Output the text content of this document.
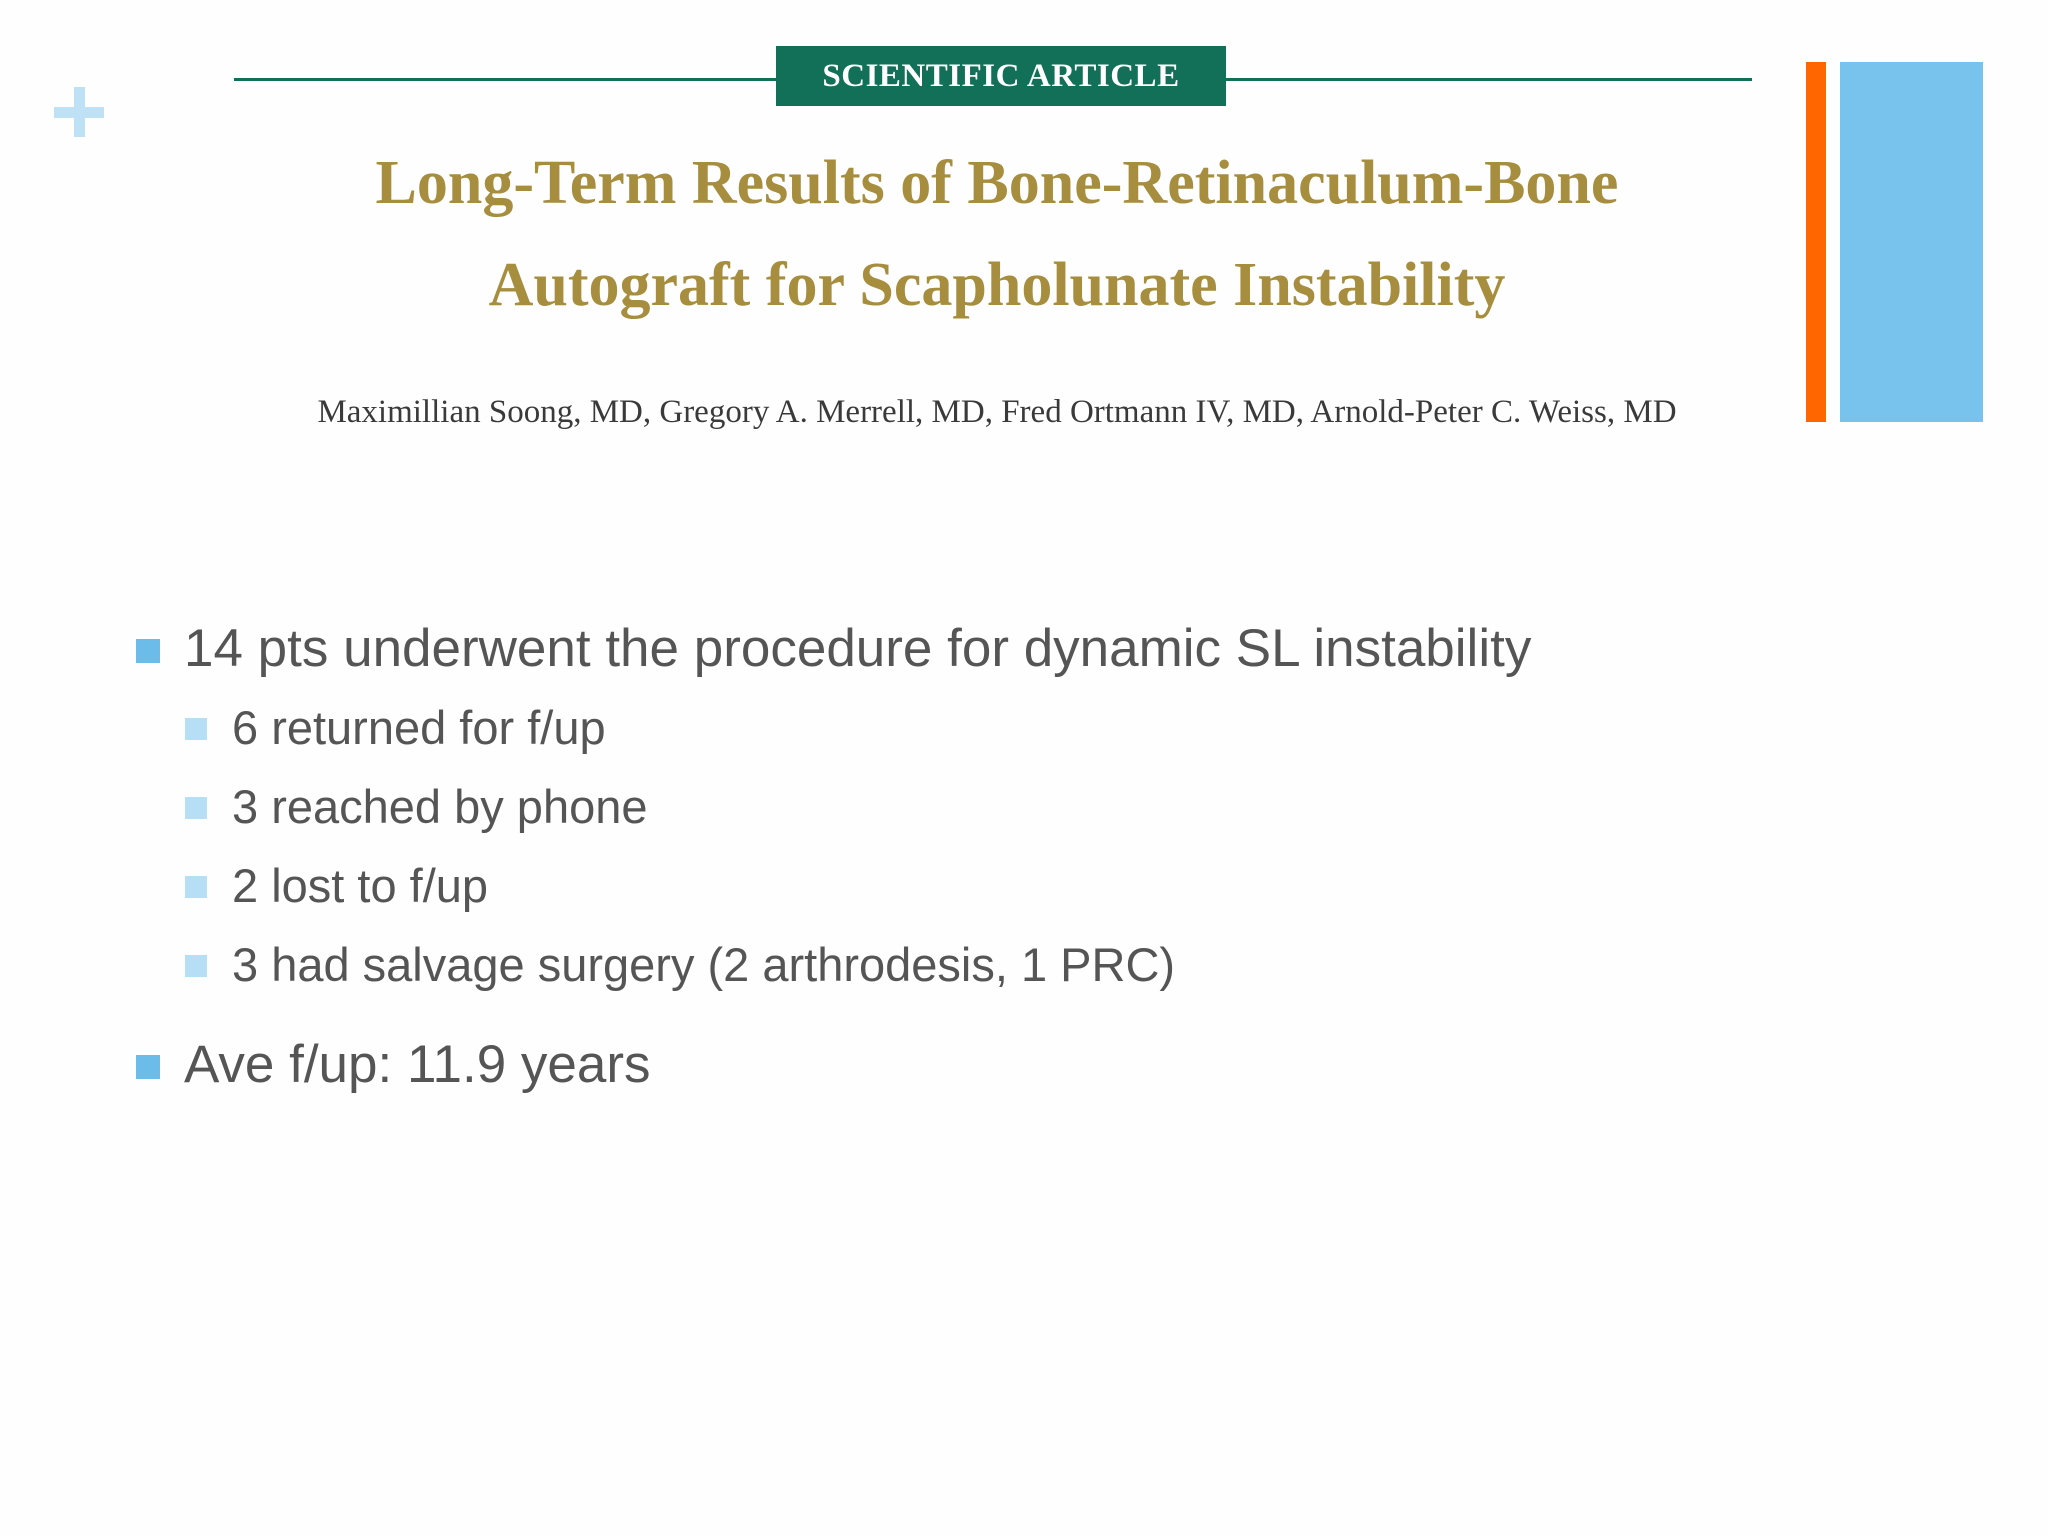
SCIENTIFIC ARTICLE
Long-Term Results of Bone-Retinaculum-Bone
Autograft for Scapholunate Instability
Maximillian Soong, MD, Gregory A. Merrell, MD, Fred Ortmann IV, MD, Arnold-Peter C. Weiss, MD
14 pts underwent the procedure for dynamic SL instability
6 returned for f/up
3 reached by phone
2 lost to f/up
3 had salvage surgery (2 arthrodesis, 1 PRC)
Ave f/up: 11.9 years
